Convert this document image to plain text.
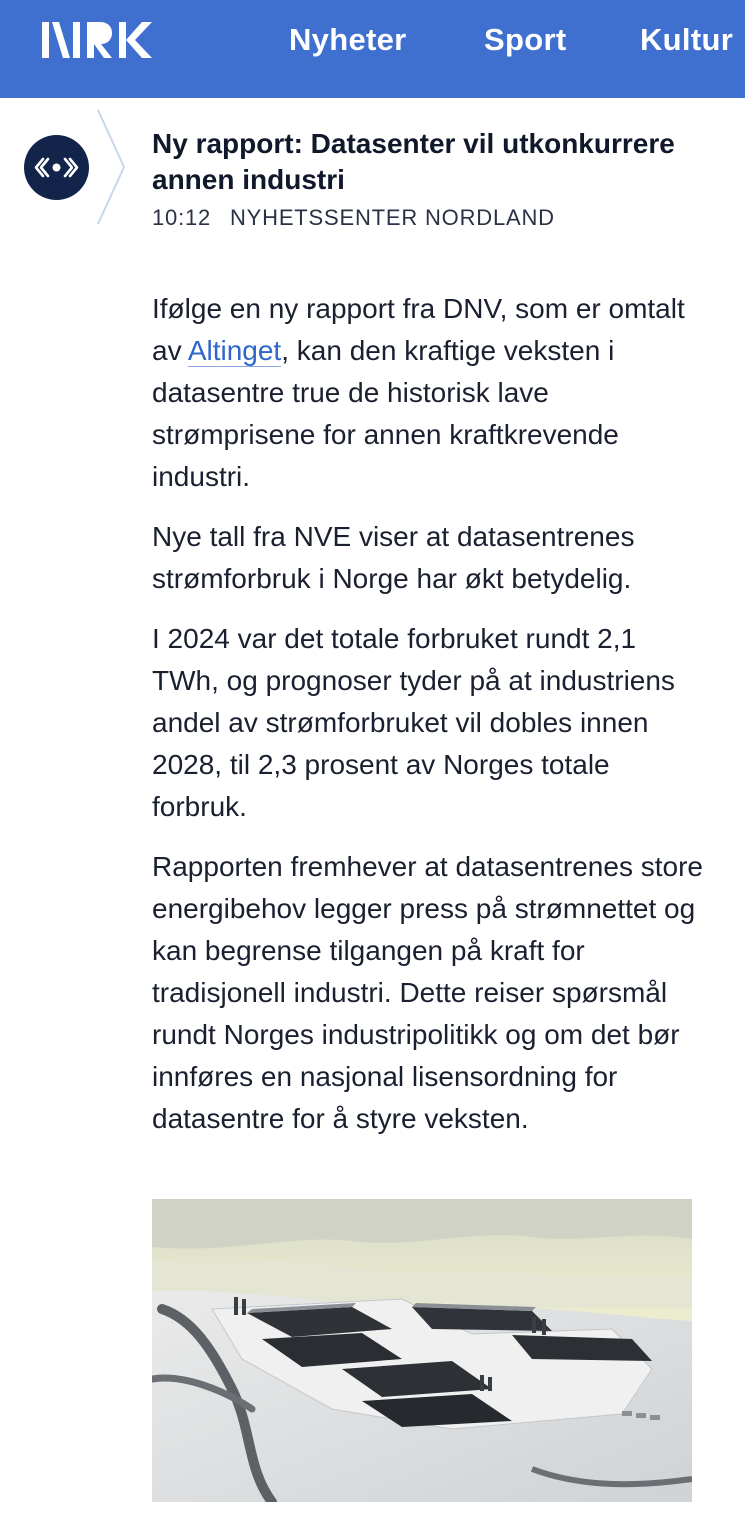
Nyheter Sport Kultur
Ny rapport: Datasenter vil utkonkurrere annen industri
10:12 NYHETSSENTER NORDLAND

Ifølge en ny rapport fra DNV, som er omtalt av Altinget, kan den kraftige veksten i datasentre true de historisk lave strømprisene for annen kraftkrevende industri.

Nye tall fra NVE viser at datasentrenes strømforbruk i Norge har økt betydelig.

I 2024 var det totale forbruket rundt 2,1 TWh, og prognoser tyder på at industriens andel av strømforbruket vil dobles innen 2028, til 2,3 prosent av Norges totale forbruk.

Rapporten fremhever at datasentrenes store energibehov legger press på strømnettet og kan begrense tilgangen på kraft for tradisjonell industri. Dette reiser spørsmål rundt Norges industripolitikk og om det bør innføres en nasjonal lisensordning for datasentre for å styre veksten.
